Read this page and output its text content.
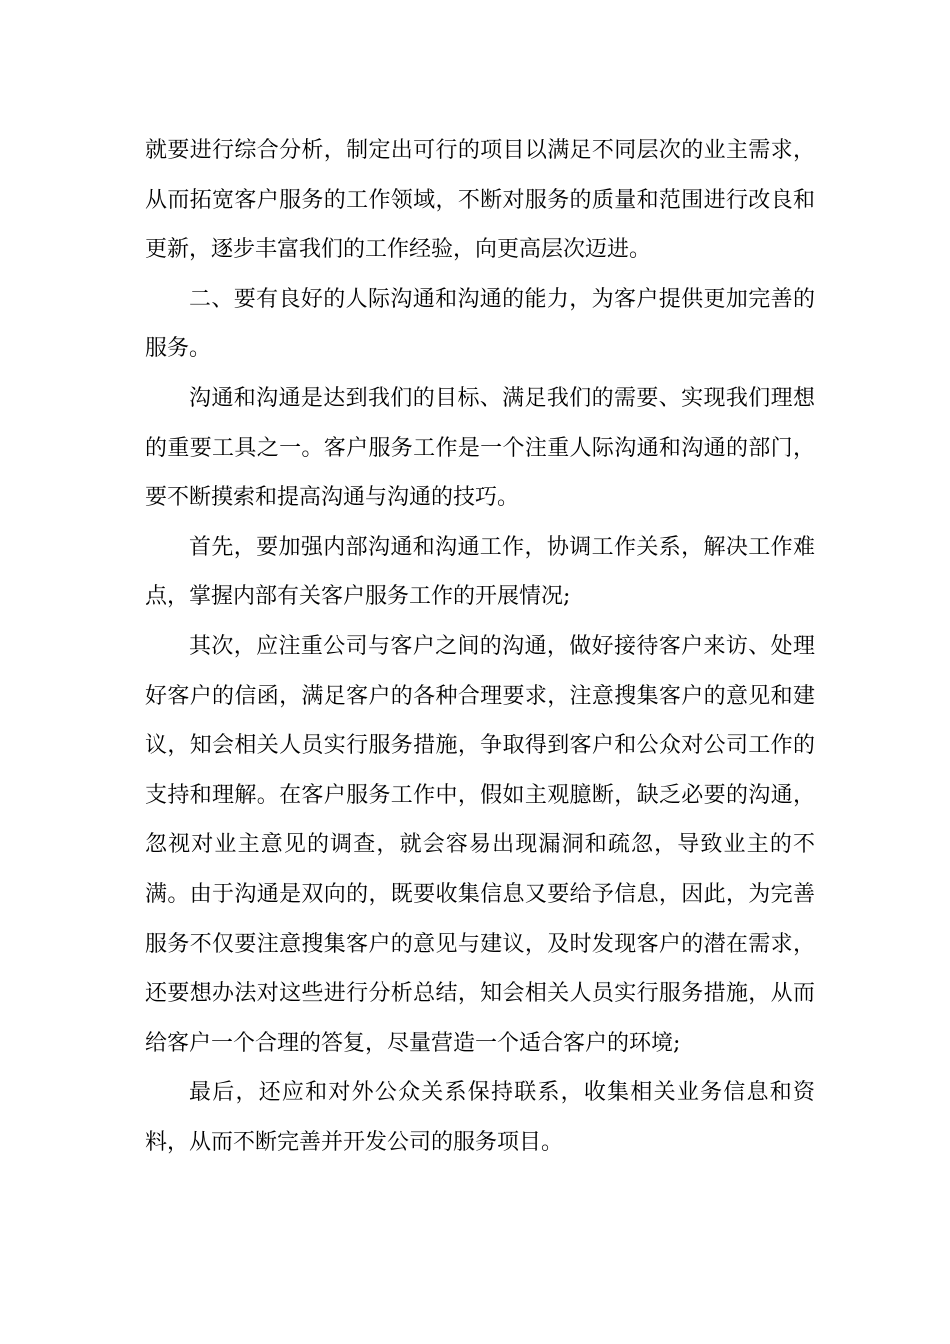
就要进行综合分析，制定出可行的项目以满足不同层次的业主需求，从而拓宽客户服务的工作领域，不断对服务的质量和范围进行改良和更新，逐步丰富我们的工作经验，向更高层次迈进。

二、要有良好的人际沟通和沟通的能力，为客户提供更加完善的服务。

沟通和沟通是达到我们的目标、满足我们的需要、实现我们理想的重要工具之一。客户服务工作是一个注重人际沟通和沟通的部门，要不断摸索和提高沟通与沟通的技巧。

首先，要加强内部沟通和沟通工作，协调工作关系，解决工作难点，掌握内部有关客户服务工作的开展情况;

其次，应注重公司与客户之间的沟通，做好接待客户来访、处理好客户的信函，满足客户的各种合理要求，注意搜集客户的意见和建议，知会相关人员实行服务措施，争取得到客户和公众对公司工作的支持和理解。在客户服务工作中，假如主观臆断，缺乏必要的沟通，忽视对业主意见的调查，就会容易出现漏洞和疏忽，导致业主的不满。由于沟通是双向的，既要收集信息又要给予信息，因此，为完善服务不仅要注意搜集客户的意见与建议，及时发现客户的潜在需求，还要想办法对这些进行分析总结，知会相关人员实行服务措施，从而给客户一个合理的答复，尽量营造一个适合客户的环境;

最后，还应和对外公众关系保持联系，收集相关业务信息和资料，从而不断完善并开发公司的服务项目。
